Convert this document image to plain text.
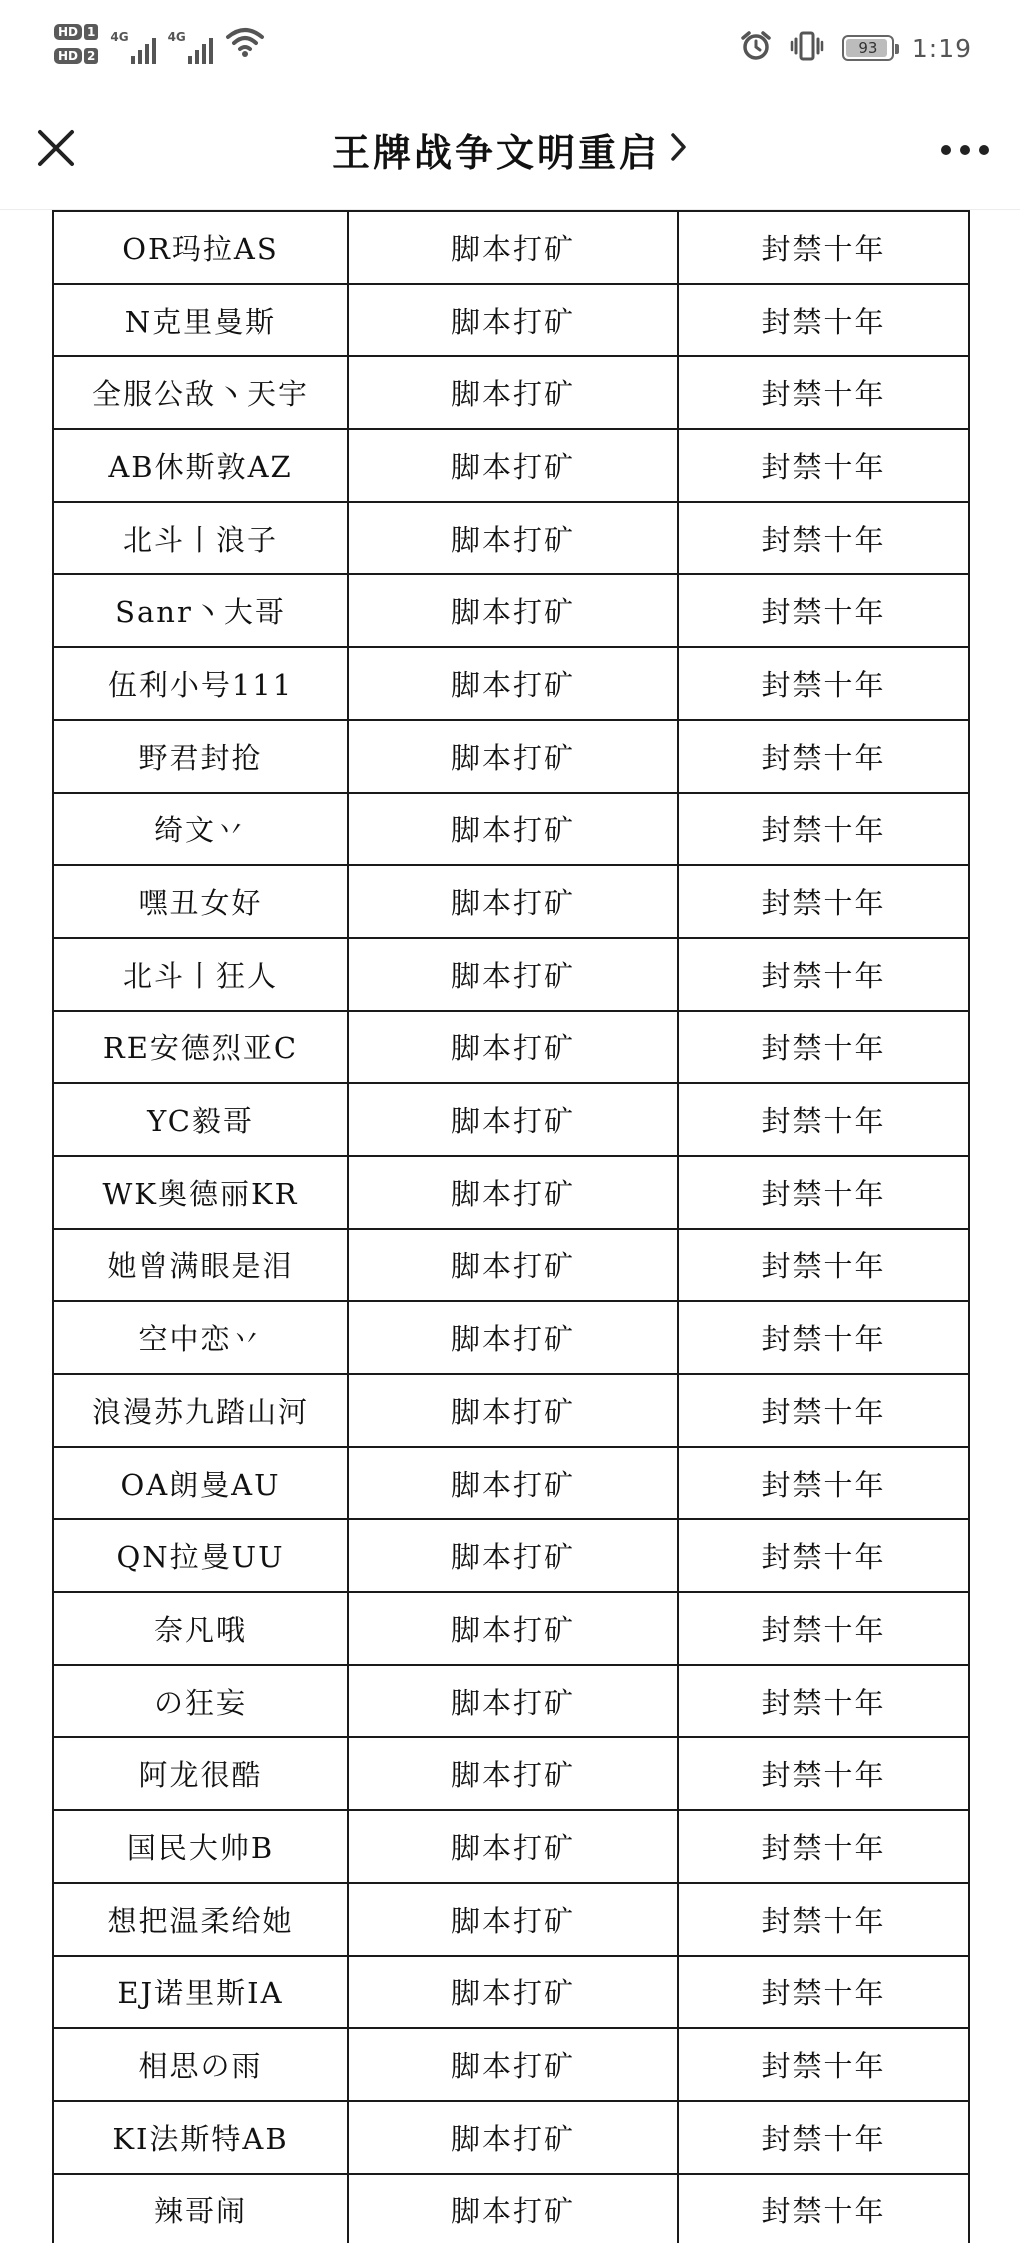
HD 1
HD 2
4G	4G
93 1:19
王牌战争文明重启
OR玛拉AS	脚本打矿	封禁十年
N克里曼斯	脚本打矿	封禁十年
全服公敌丶天宇	脚本打矿	封禁十年
AB休斯敦AZ	脚本打矿	封禁十年
北斗丨浪子	脚本打矿	封禁十年
Sanr丶大哥	脚本打矿	封禁十年
伍利小号111	脚本打矿	封禁十年
野君封抢	脚本打矿	封禁十年
绮文丷	脚本打矿	封禁十年
嘿丑女好	脚本打矿	封禁十年
北斗丨狂人	脚本打矿	封禁十年
RE安德烈亚C	脚本打矿	封禁十年
YC毅哥	脚本打矿	封禁十年
WK奥德丽KR	脚本打矿	封禁十年
她曾满眼是泪	脚本打矿	封禁十年
空中恋丷	脚本打矿	封禁十年
浪漫苏九踏山河	脚本打矿	封禁十年
OA朗曼AU	脚本打矿	封禁十年
QN拉曼UU	脚本打矿	封禁十年
奈凡哦	脚本打矿	封禁十年
の狂妄	脚本打矿	封禁十年
阿龙很酷	脚本打矿	封禁十年
国民大帅B	脚本打矿	封禁十年
想把温柔给她	脚本打矿	封禁十年
EJ诺里斯IA	脚本打矿	封禁十年
相思の雨	脚本打矿	封禁十年
KI法斯特AB	脚本打矿	封禁十年
辣哥闹	脚本打矿	封禁十年
